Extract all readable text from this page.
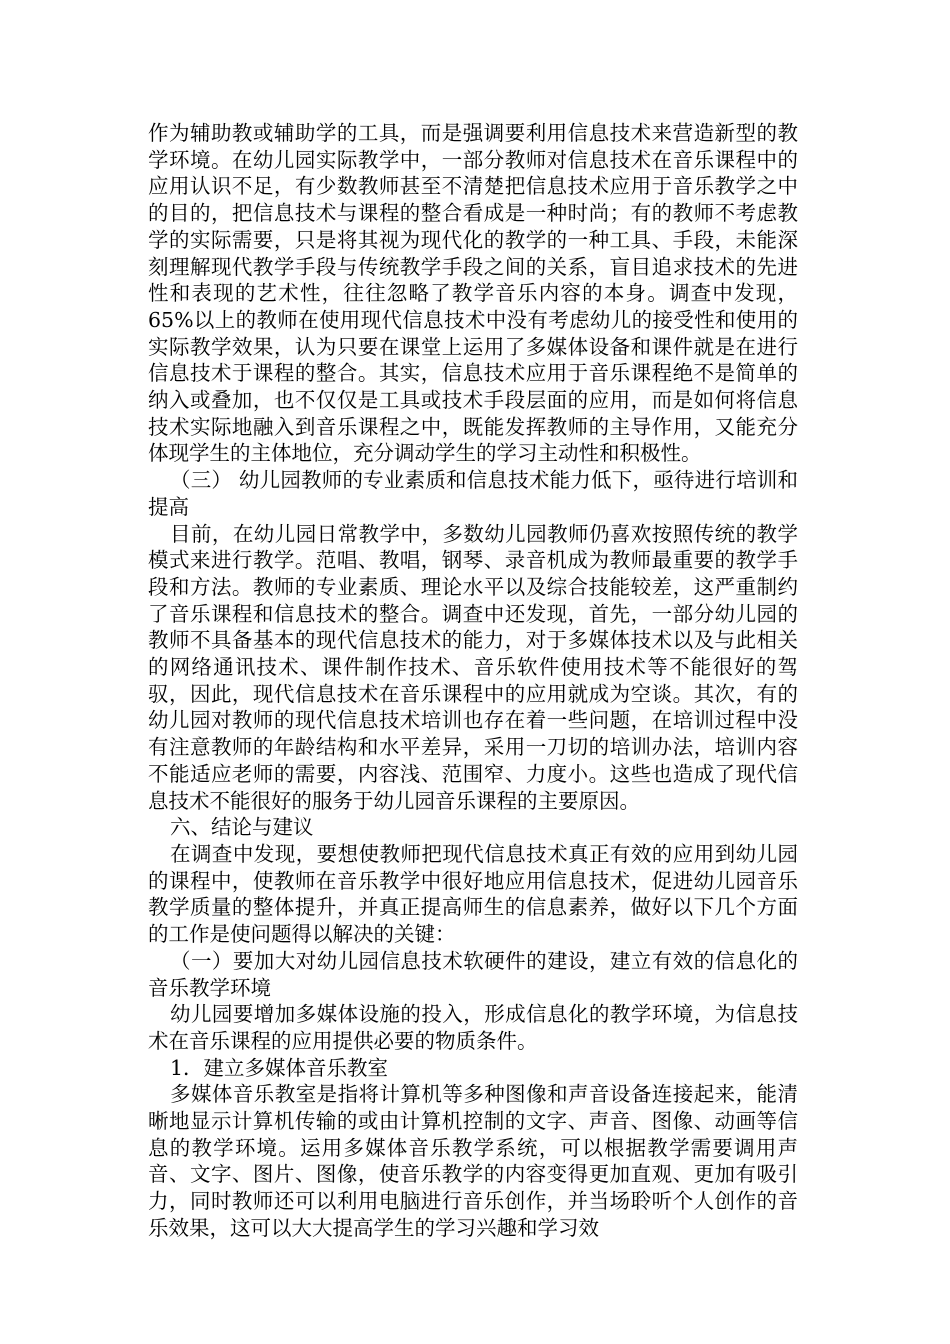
作为辅助教或辅助学的工具，而是强调要利用信息技术来营造新型的教学环境。在幼儿园实际教学中，一部分教师对信息技术在音乐课程中的应用认识不足，有少数教师甚至不清楚把信息技术应用于音乐教学之中的目的，把信息技术与课程的整合看成是一种时尚；有的教师不考虑教学的实际需要，只是将其视为现代化的教学的一种工具、手段，未能深刻理解现代教学手段与传统教学手段之间的关系，盲目追求技术的先进性和表现的艺术性，往往忽略了教学音乐内容的本身。调查中发现，65%以上的教师在使用现代信息技术中没有考虑幼儿的接受性和使用的实际教学效果，认为只要在课堂上运用了多媒体设备和课件就是在进行信息技术于课程的整合。其实，信息技术应用于音乐课程绝不是简单的纳入或叠加，也不仅仅是工具或技术手段层面的应用，而是如何将信息技术实际地融入到音乐课程之中，既能发挥教师的主导作用，又能充分体现学生的主体地位，充分调动学生的学习主动性和积极性。

（三） 幼儿园教师的专业素质和信息技术能力低下，亟待进行培训和提高

目前，在幼儿园日常教学中，多数幼儿园教师仍喜欢按照传统的教学模式来进行教学。范唱、教唱，钢琴、录音机成为教师最重要的教学手段和方法。教师的专业素质、理论水平以及综合技能较差，这严重制约了音乐课程和信息技术的整合。调查中还发现，首先，一部分幼儿园的教师不具备基本的现代信息技术的能力，对于多媒体技术以及与此相关的网络通讯技术、课件制作技术、音乐软件使用技术等不能很好的驾驭，因此，现代信息技术在音乐课程中的应用就成为空谈。其次，有的幼儿园对教师的现代信息技术培训也存在着一些问题，在培训过程中没有注意教师的年龄结构和水平差异，采用一刀切的培训办法，培训内容不能适应老师的需要，内容浅、范围窄、力度小。这些也造成了现代信息技术不能很好的服务于幼儿园音乐课程的主要原因。

六、结论与建议

在调查中发现，要想使教师把现代信息技术真正有效的应用到幼儿园的课程中，使教师在音乐教学中很好地应用信息技术，促进幼儿园音乐教学质量的整体提升，并真正提高师生的信息素养，做好以下几个方面的工作是使问题得以解决的关键：

（一）要加大对幼儿园信息技术软硬件的建设，建立有效的信息化的音乐教学环境

幼儿园要增加多媒体设施的投入，形成信息化的教学环境，为信息技术在音乐课程的应用提供必要的物质条件。

1．建立多媒体音乐教室

多媒体音乐教室是指将计算机等多种图像和声音设备连接起来，能清晰地显示计算机传输的或由计算机控制的文字、声音、图像、动画等信息的教学环境。运用多媒体音乐教学系统，可以根据教学需要调用声音、文字、图片、图像，使音乐教学的内容变得更加直观、更加有吸引力，同时教师还可以利用电脑进行音乐创作，并当场聆听个人创作的音乐效果，这可以大大提高学生的学习兴趣和学习效
